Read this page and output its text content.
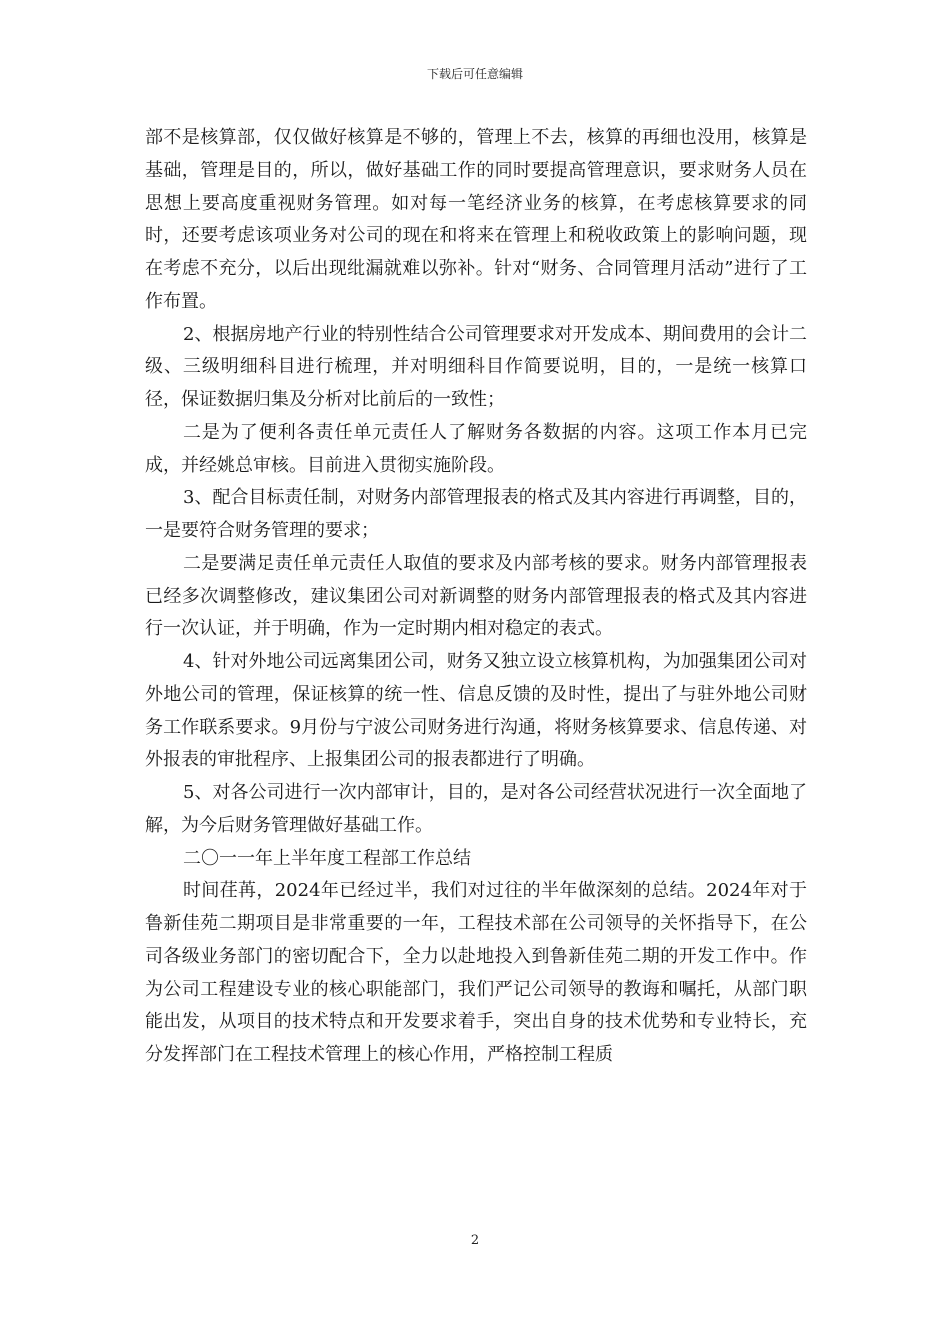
下载后可任意编辑

部不是核算部，仅仅做好核算是不够的，管理上不去，核算的再细也没用，核算是基础，管理是目的，所以，做好基础工作的同时要提高管理意识，要求财务人员在思想上要高度重视财务管理。如对每一笔经济业务的核算，在考虑核算要求的同时，还要考虑该项业务对公司的现在和将来在管理上和税收政策上的影响问题，现在考虑不充分，以后出现纰漏就难以弥补。针对“财务、合同管理月活动”进行了工作布置。

2、根据房地产行业的特别性结合公司管理要求对开发成本、期间费用的会计二级、三级明细科目进行梳理，并对明细科目作简要说明，目的，一是统一核算口径，保证数据归集及分析对比前后的一致性；

二是为了便利各责任单元责任人了解财务各数据的内容。这项工作本月已完成，并经姚总审核。目前进入贯彻实施阶段。

3、配合目标责任制，对财务内部管理报表的格式及其内容进行再调整，目的，一是要符合财务管理的要求；

二是要满足责任单元责任人取值的要求及内部考核的要求。财务内部管理报表已经多次调整修改，建议集团公司对新调整的财务内部管理报表的格式及其内容进行一次认证，并于明确，作为一定时期内相对稳定的表式。

4、针对外地公司远离集团公司，财务又独立设立核算机构，为加强集团公司对外地公司的管理，保证核算的统一性、信息反馈的及时性，提出了与驻外地公司财务工作联系要求。9月份与宁波公司财务进行沟通，将财务核算要求、信息传递、对外报表的审批程序、上报集团公司的报表都进行了明确。

5、对各公司进行一次内部审计，目的，是对各公司经营状况进行一次全面地了解，为今后财务管理做好基础工作。

二〇一一年上半年度工程部工作总结

时间荏苒，2024年已经过半，我们对过往的半年做深刻的总结。2024年对于鲁新佳苑二期项目是非常重要的一年，工程技术部在公司领导的关怀指导下，在公司各级业务部门的密切配合下，全力以赴地投入到鲁新佳苑二期的开发工作中。作为公司工程建设专业的核心职能部门，我们严记公司领导的教诲和嘱托，从部门职能出发，从项目的技术特点和开发要求着手，突出自身的技术优势和专业特长，充分发挥部门在工程技术管理上的核心作用，严格控制工程质

2
